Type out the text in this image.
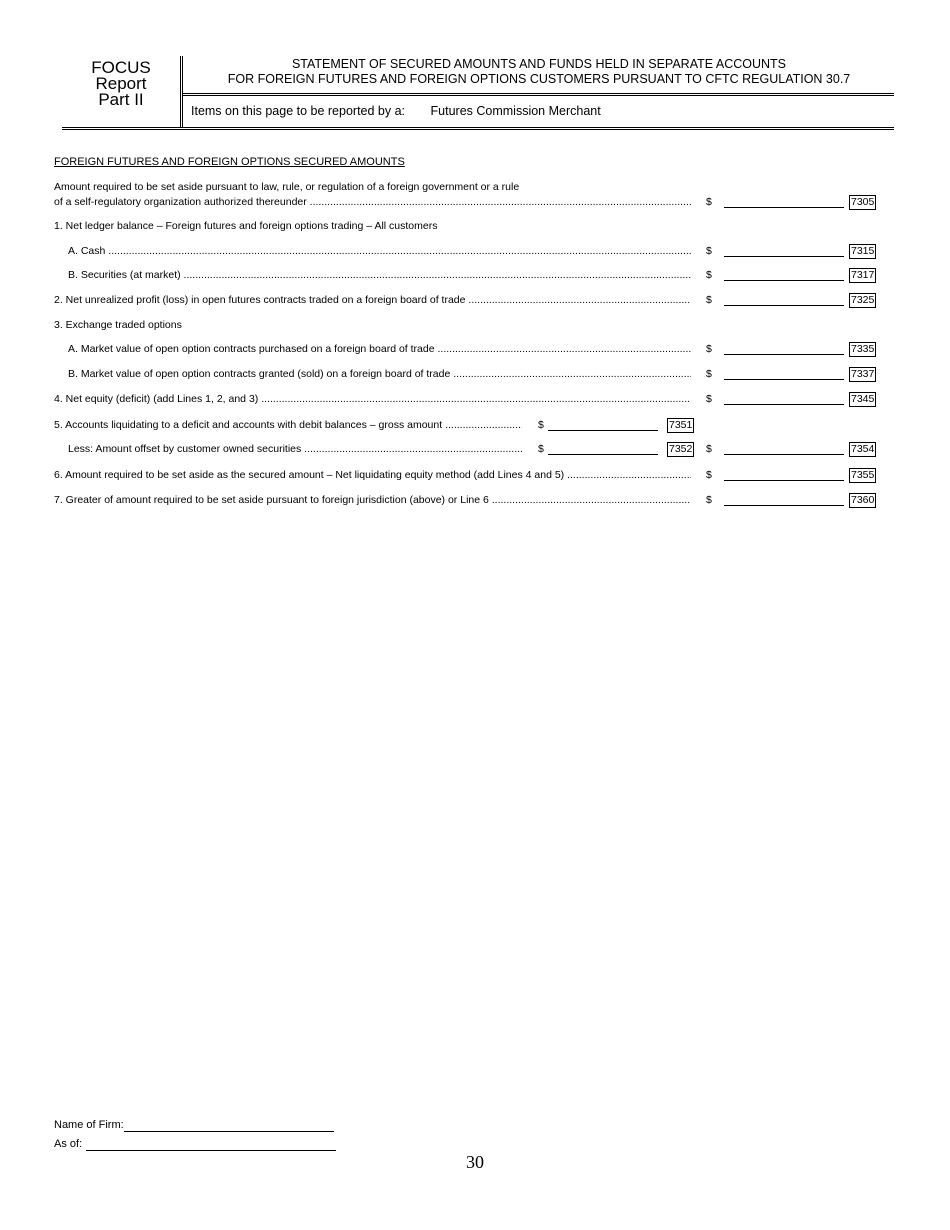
FOCUS
Report
Part II
STATEMENT OF SECURED AMOUNTS AND FUNDS HELD IN SEPARATE ACCOUNTS
FOR FOREIGN FUTURES AND FOREIGN OPTIONS CUSTOMERS PURSUANT TO CFTC REGULATION 30.7
Items on this page to be reported by a: Futures Commission Merchant
FOREIGN FUTURES AND FOREIGN OPTIONS SECURED AMOUNTS
Amount required to be set aside pursuant to law, rule, or regulation of a foreign government or a rule
of a self-regulatory organization authorized thereunder .....	$	7305
1. Net ledger balance – Foreign futures and foreign options trading – All customers
A. Cash .....	$	7315
B. Securities (at market) .....	$	7317
2. Net unrealized profit (loss) in open futures contracts traded on a foreign board of trade .....	$	7325
3. Exchange traded options
A. Market value of open option contracts purchased on a foreign board of trade .....	$	7335
B. Market value of open option contracts granted (sold) on a foreign board of trade .....	$	7337
4. Net equity (deficit) (add Lines 1, 2, and 3) .....	$	7345
5. Accounts liquidating to a deficit and accounts with debit balances – gross amount .....	$	7351
Less: Amount offset by customer owned securities .....	$	7352 $	7354
6. Amount required to be set aside as the secured amount – Net liquidating equity method (add Lines 4 and 5) .....	$	7355
7. Greater of amount required to be set aside pursuant to foreign jurisdiction (above) or Line 6 .....	$	7360
Name of Firm:
As of:
30
